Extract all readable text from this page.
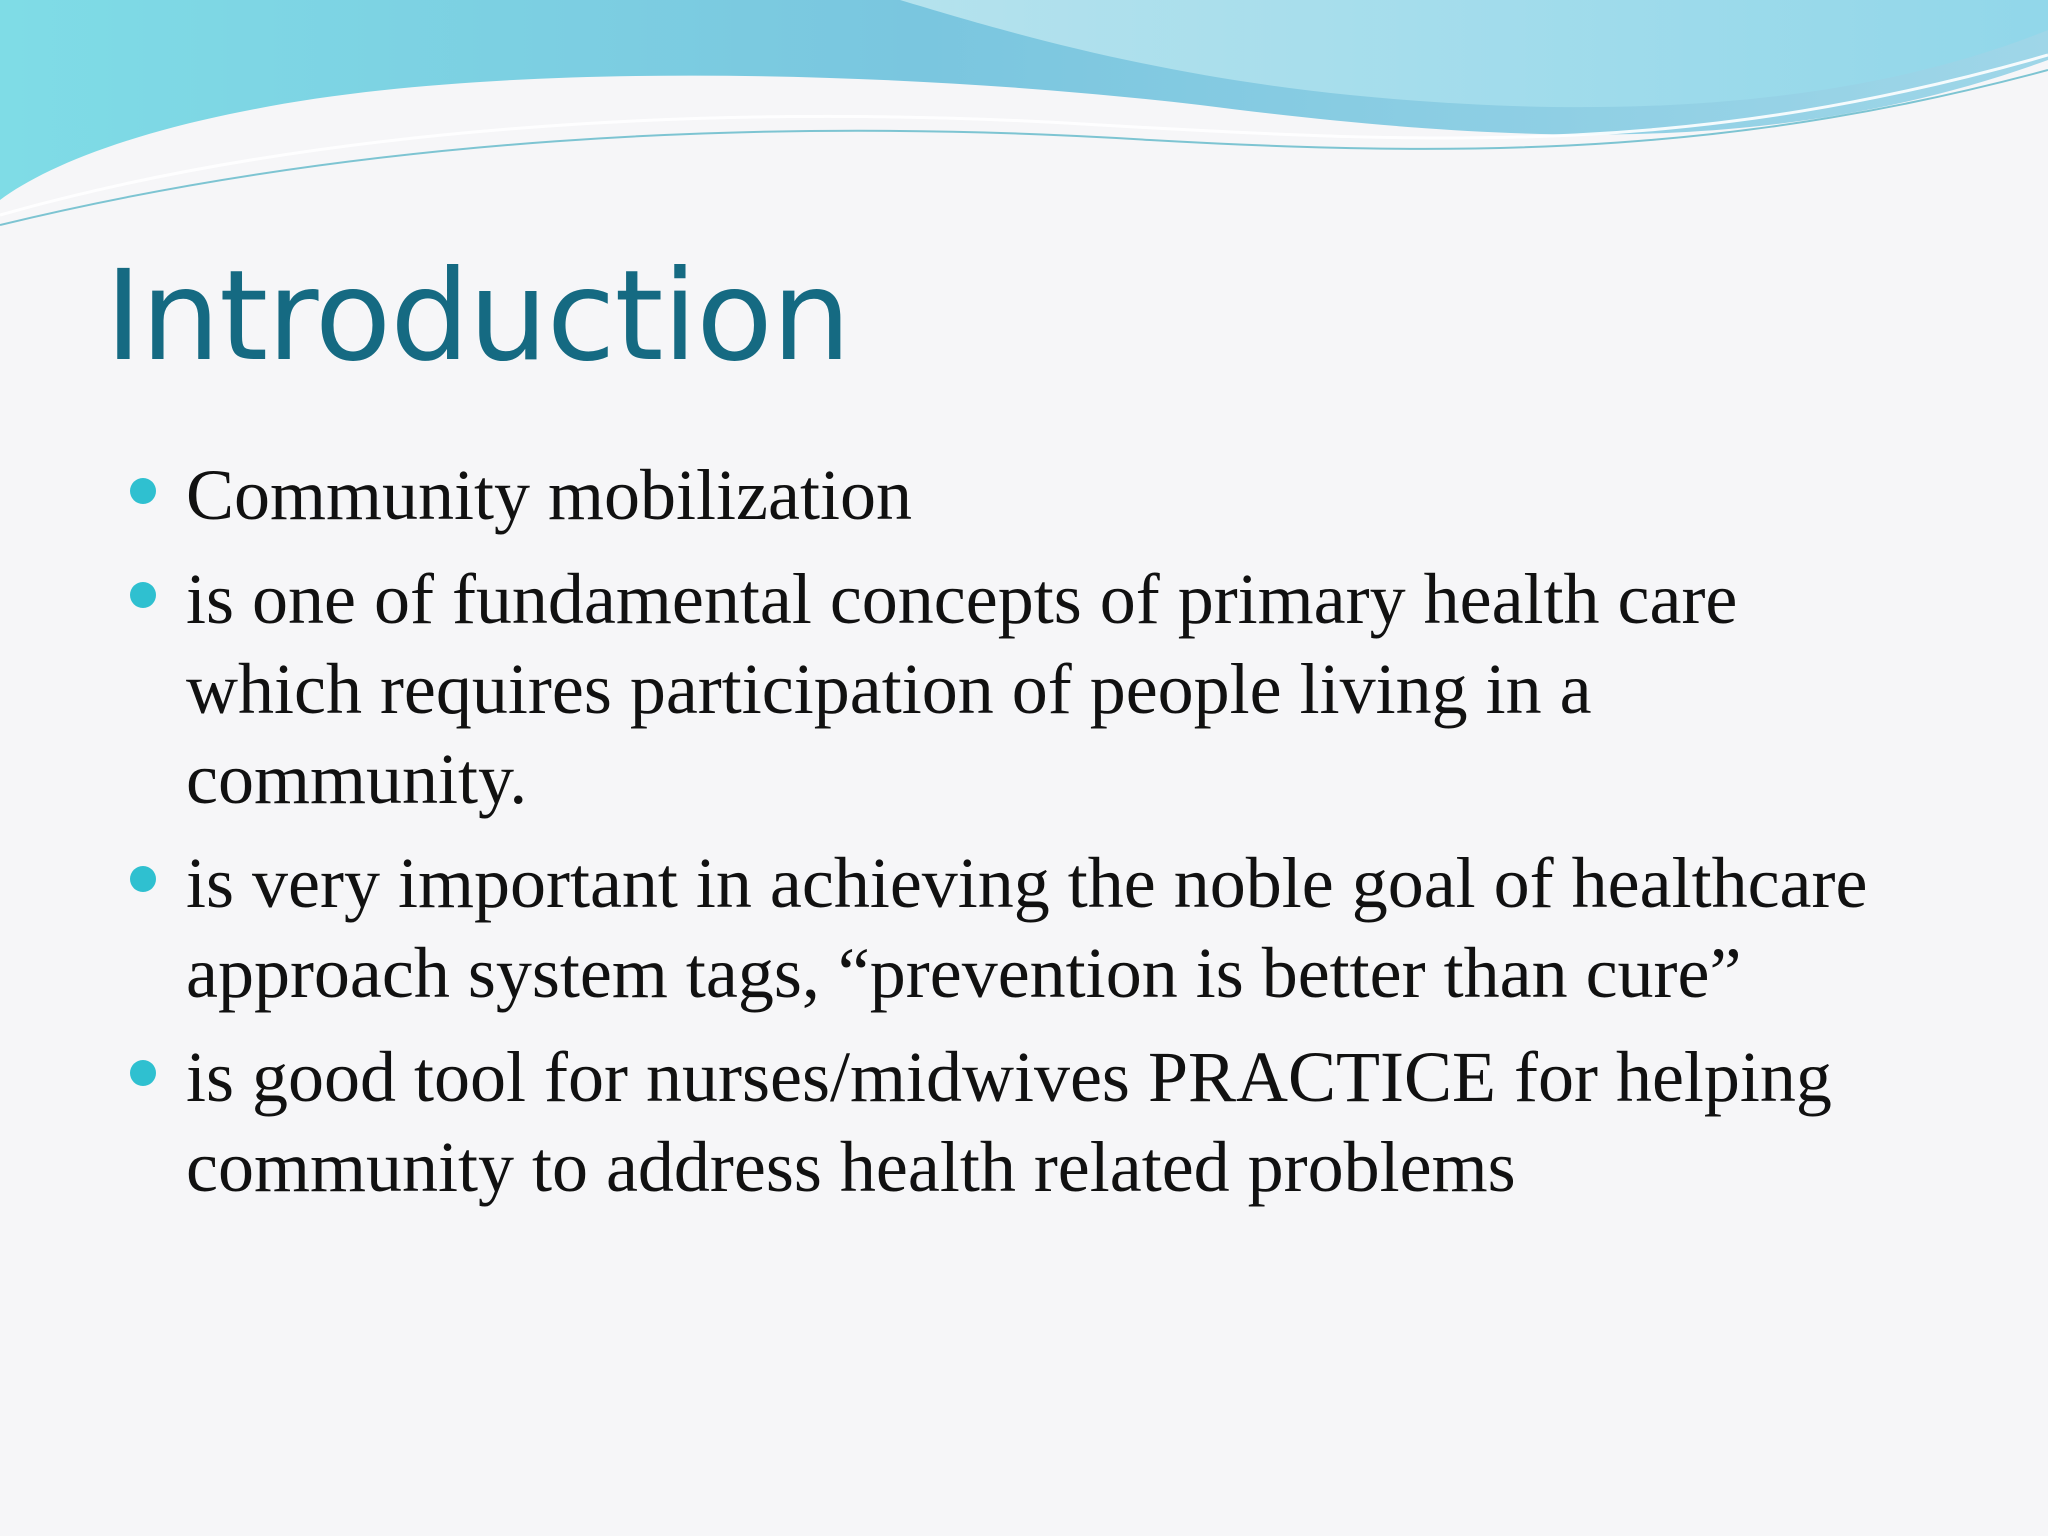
Introduction
Community mobilization
is one of fundamental concepts of primary health care which requires participation of people living in a community.
is very important in achieving the noble goal of healthcare approach system tags, “prevention is better than cure”
is good tool for nurses/midwives PRACTICE for helping community to address health related problems
